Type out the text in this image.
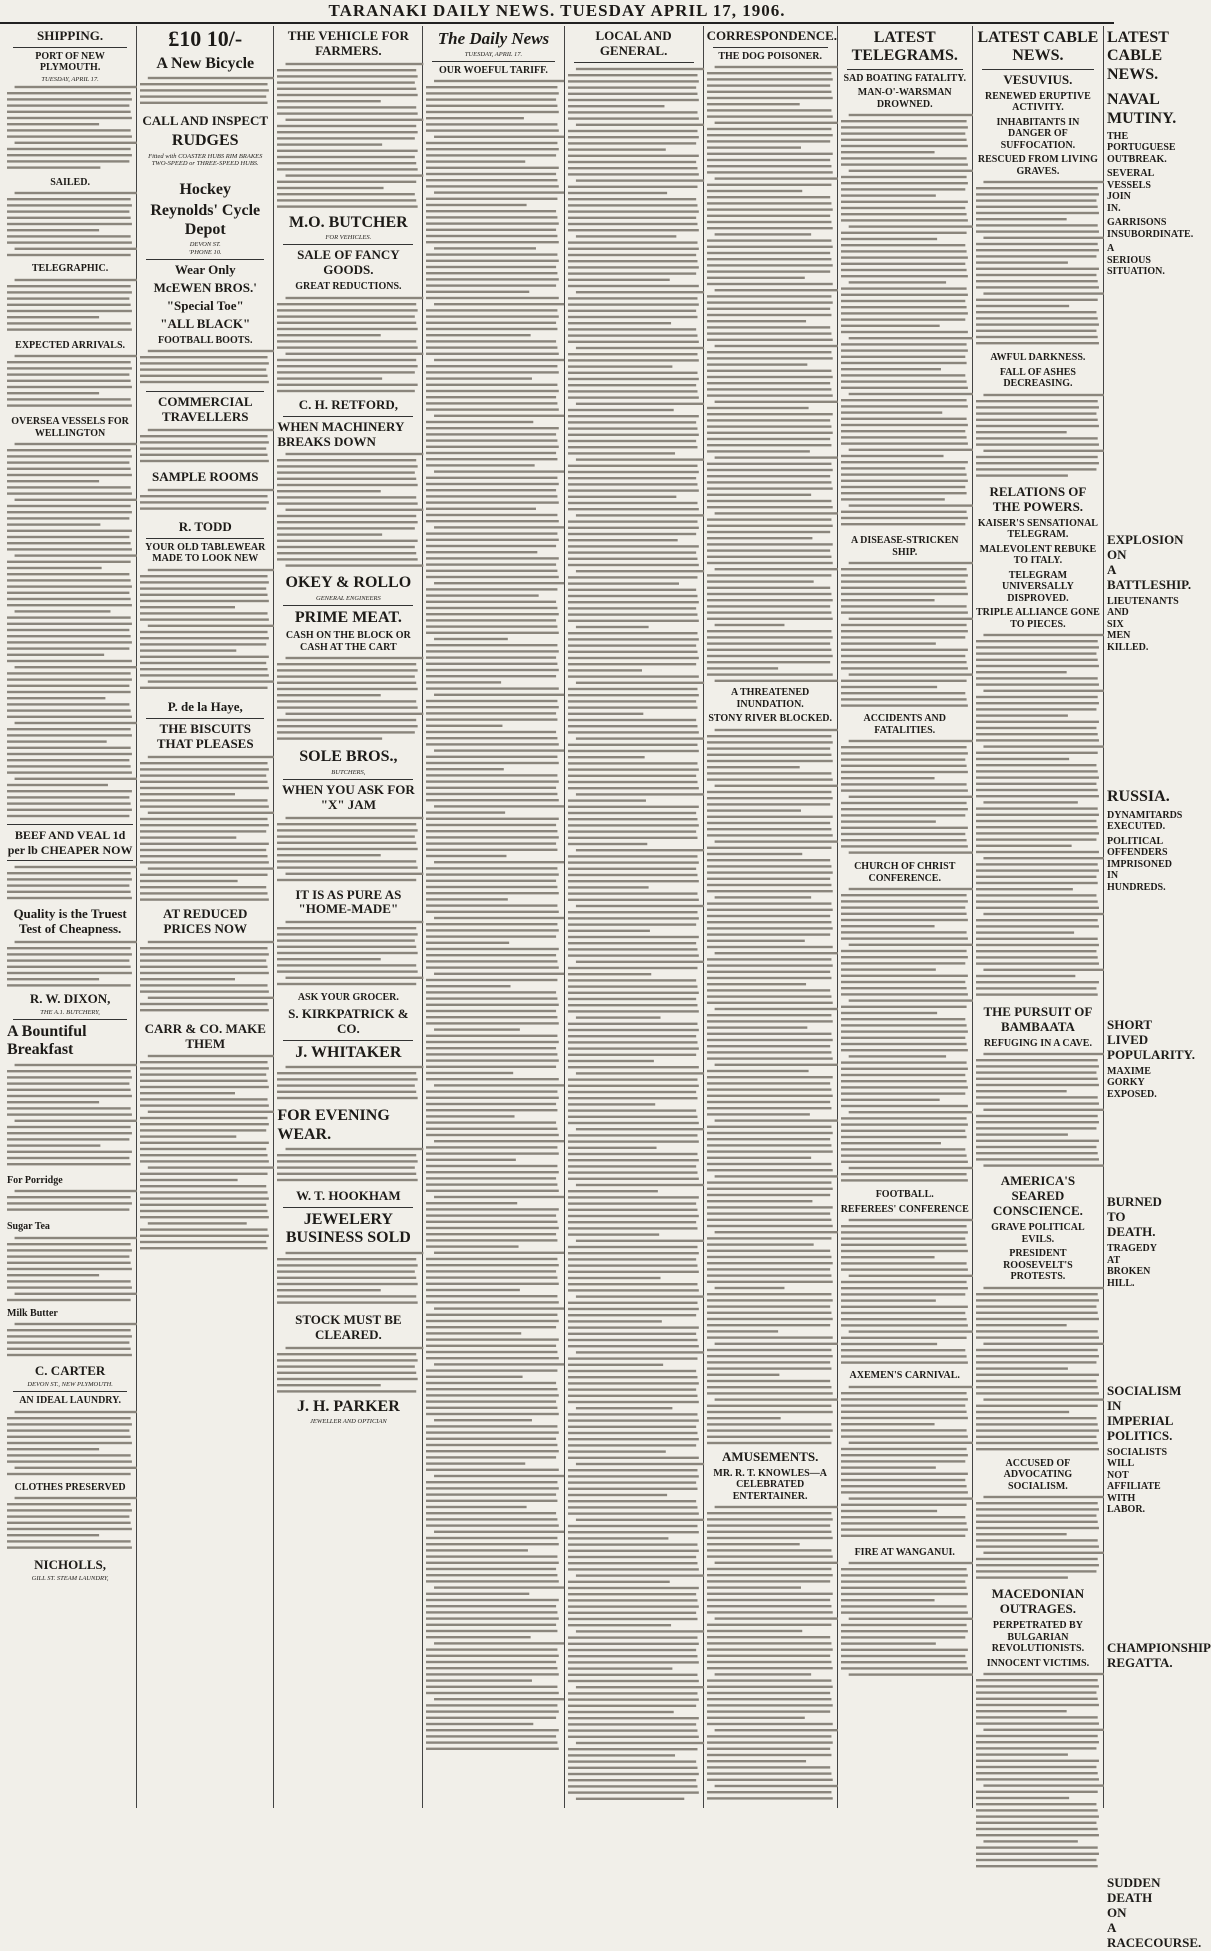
TARANAKI DAILY NEWS. TUESDAY APRIL 17, 1906.
SHIPPING.
PORT OF NEW PLYMOUTH.
TUESDAY, APRIL 17.
SAILED.
TELEGRAPHIC.
EXPECTED ARRIVALS.
OVERSEA VESSELS FOR WELLINGTON
BEEF AND VEAL 1d per lb CHEAPER NOW
Quality is the Truest Test of Cheapness.
R. W. DIXON,
THE A.1. BUTCHERY,
A Bountiful Breakfast
For Porridge
Sugar Tea
Milk Butter
C. CARTER
DEVON ST., NEW PLYMOUTH.
AN IDEAL LAUNDRY.
CLOTHES PRESERVED
NICHOLLS,
GILL ST. STEAM LAUNDRY,
£10 10/-
A New Bicycle
CALL AND INSPECT
RUDGES
Fitted with COASTER HUBS RIM BRAKES TWO-SPEED or THREE-SPEED HUBS.
Hockey
Reynolds' Cycle Depot
DEVON ST.
'PHONE 10.
Wear Only
McEWEN BROS.'
"Special Toe"
"ALL BLACK"
FOOTBALL BOOTS.
COMMERCIAL TRAVELLERS
SAMPLE ROOMS
R. TODD
YOUR OLD TABLEWEAR MADE TO LOOK NEW
P. de la Haye,
THE BISCUITS THAT PLEASES
AT REDUCED PRICES NOW
CARR & CO. MAKE THEM
THE VEHICLE FOR FARMERS.
M.O. BUTCHER
FOR VEHICLES.
SALE OF FANCY GOODS.
GREAT REDUCTIONS.
C. H. RETFORD,
WHEN MACHINERY BREAKS DOWN
OKEY & ROLLO
GENERAL ENGINEERS
PRIME MEAT.
CASH ON THE BLOCK OR CASH AT THE CART
SOLE BROS.,
BUTCHERS,
WHEN YOU ASK FOR "X" JAM
IT IS AS PURE AS "HOME-MADE"
ASK YOUR GROCER.
S. KIRKPATRICK & CO.
J. WHITAKER
FOR EVENING WEAR.
W. T. HOOKHAM
JEWELERY BUSINESS SOLD
STOCK MUST BE CLEARED.
J. H. PARKER
JEWELLER AND OPTICIAN
The Daily News
TUESDAY, APRIL 17.
OUR WOEFUL TARIFF.
LOCAL AND GENERAL.
CORRESPONDENCE.
THE DOG POISONER.
A THREATENED INUNDATION.
STONY RIVER BLOCKED.
AMUSEMENTS.
MR. R. T. KNOWLES—A CELEBRATED ENTERTAINER.
LATEST TELEGRAMS.
SAD BOATING FATALITY.
MAN-O'-WARSMAN DROWNED.
A DISEASE-STRICKEN SHIP.
ACCIDENTS AND FATALITIES.
CHURCH OF CHRIST CONFERENCE.
FOOTBALL.
REFEREES' CONFERENCE
AXEMEN'S CARNIVAL.
FIRE AT WANGANUI.
LATEST CABLE NEWS.
VESUVIUS.
RENEWED ERUPTIVE ACTIVITY.
INHABITANTS IN DANGER OF SUFFOCATION.
RESCUED FROM LIVING GRAVES.
AWFUL DARKNESS.
FALL OF ASHES DECREASING.
RELATIONS OF THE POWERS.
KAISER'S SENSATIONAL TELEGRAM.
MALEVOLENT REBUKE TO ITALY.
TELEGRAM UNIVERSALLY DISPROVED.
TRIPLE ALLIANCE GONE TO PIECES.
THE PURSUIT OF BAMBAATA
REFUGING IN A CAVE.
AMERICA'S SEARED CONSCIENCE.
GRAVE POLITICAL EVILS.
PRESIDENT ROOSEVELT'S PROTESTS.
ACCUSED OF ADVOCATING SOCIALISM.
MACEDONIAN OUTRAGES.
PERPETRATED BY BULGARIAN REVOLUTIONISTS.
INNOCENT VICTIMS.
LATEST CABLE NEWS.
NAVAL MUTINY.
THE PORTUGUESE OUTBREAK.
SEVERAL VESSELS JOIN IN.
GARRISONS INSUBORDINATE.
A SERIOUS SITUATION.
EXPLOSION ON A BATTLESHIP.
LIEUTENANTS AND SIX MEN KILLED.
RUSSIA.
DYNAMITARDS EXECUTED.
POLITICAL OFFENDERS IMPRISONED IN HUNDREDS.
SHORT LIVED POPULARITY.
MAXIME GORKY EXPOSED.
BURNED TO DEATH.
TRAGEDY AT BROKEN HILL.
SOCIALISM IN IMPERIAL POLITICS.
SOCIALISTS WILL NOT AFFILIATE WITH LABOR.
CHAMPIONSHIP REGATTA.
SUDDEN DEATH ON A RACECOURSE.
